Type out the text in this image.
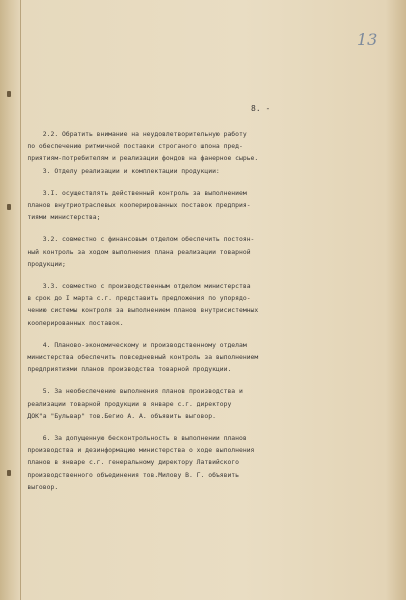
13
8. -
2.2. Обратить внимание на неудовлетворительную работу
по обеспечению ритмичной поставки строганого шпона пред-
приятиям-потребителям и реализации фондов на фанерное сырье.
3. Отделу реализации и комплектации продукции:
3.I. осуществлять действенный контроль за выполнением
планов внутриотраслевых кооперированных поставок предприя-
тиями министерства;
3.2. совместно с финансовым отделом обеспечить постоян-
ный контроль за ходом выполнения плана реализации товарной
продукции;
3.3. совместно с производственным отделом министерства
в срок до I марта с.г. представить предложения по упорядо-
чению системы контроля за выполнением планов внутрисистемных
кооперированных поставок.
4. Планово-экономическому и производственному отделам
министерства обеспечить повседневный контроль за выполнением
предприятиями планов производства товарной продукции.
5. За необеспечение выполнения планов производства и
реализации товарной продукции в январе с.г. директору
ДОК"а "Бульвар" тов.Бегио А. А. объявить выговор.
6. За допущенную бесконтрольность в выполнении планов
производства и дезинформацию министерства о ходе выполнения
планов в январе с.г. генеральному директору Латвийского
производственного объединения тов.Милову В. Г. объявить
выговор.
